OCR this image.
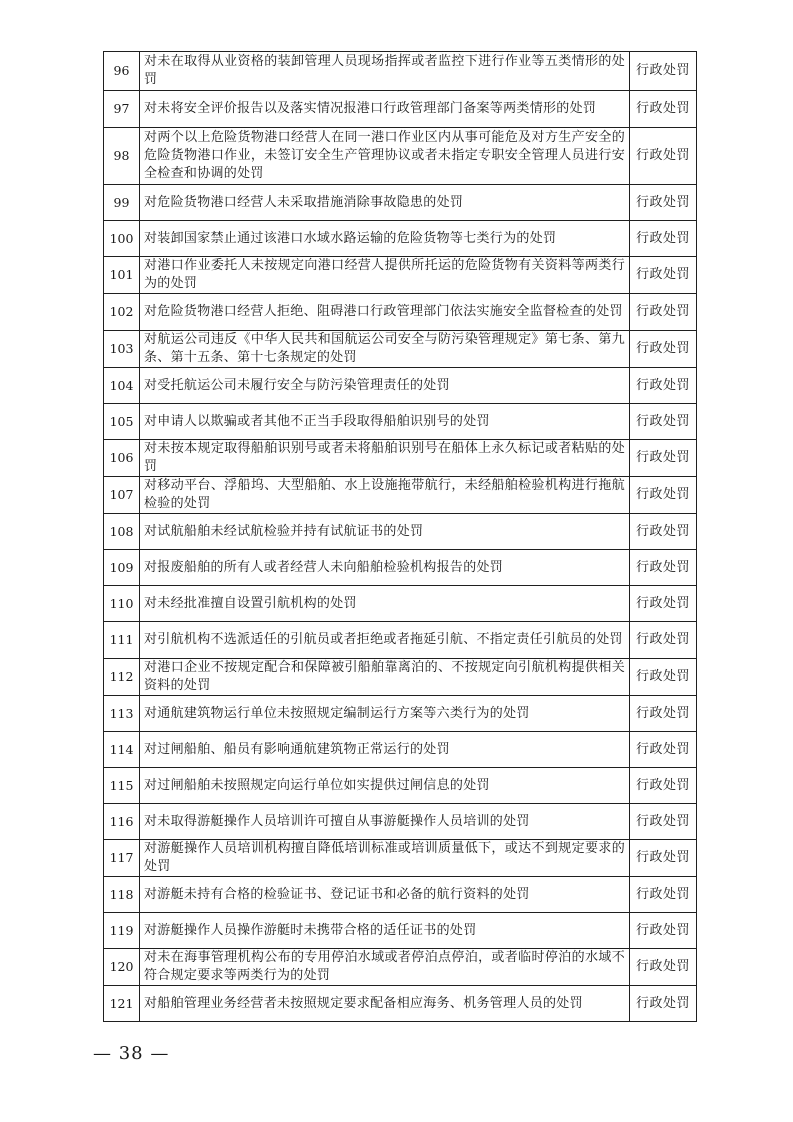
96	对未在取得从业资格的装卸管理人员现场指挥或者监控下进行作业等五类情形的处罚	行政处罚
97	对未将安全评价报告以及落实情况报港口行政管理部门备案等两类情形的处罚	行政处罚
98	对两个以上危险货物港口经营人在同一港口作业区内从事可能危及对方生产安全的危险货物港口作业，未签订安全生产管理协议或者未指定专职安全管理人员进行安全检查和协调的处罚	行政处罚
99	对危险货物港口经营人未采取措施消除事故隐患的处罚	行政处罚
100	对装卸国家禁止通过该港口水域水路运输的危险货物等七类行为的处罚	行政处罚
101	对港口作业委托人未按规定向港口经营人提供所托运的危险货物有关资料等两类行为的处罚	行政处罚
102	对危险货物港口经营人拒绝、阻碍港口行政管理部门依法实施安全监督检查的处罚	行政处罚
103	对航运公司违反《中华人民共和国航运公司安全与防污染管理规定》第七条、第九条、第十五条、第十七条规定的处罚	行政处罚
104	对受托航运公司未履行安全与防污染管理责任的处罚	行政处罚
105	对申请人以欺骗或者其他不正当手段取得船舶识别号的处罚	行政处罚
106	对未按本规定取得船舶识别号或者未将船舶识别号在船体上永久标记或者粘贴的处罚	行政处罚
107	对移动平台、浮船坞、大型船舶、水上设施拖带航行，未经船舶检验机构进行拖航检验的处罚	行政处罚
108	对试航船舶未经试航检验并持有试航证书的处罚	行政处罚
109	对报废船舶的所有人或者经营人未向船舶检验机构报告的处罚	行政处罚
110	对未经批准擅自设置引航机构的处罚	行政处罚
111	对引航机构不选派适任的引航员或者拒绝或者拖延引航、不指定责任引航员的处罚	行政处罚
112	对港口企业不按规定配合和保障被引船舶靠离泊的、不按规定向引航机构提供相关资料的处罚	行政处罚
113	对通航建筑物运行单位未按照规定编制运行方案等六类行为的处罚	行政处罚
114	对过闸船舶、船员有影响通航建筑物正常运行的处罚	行政处罚
115	对过闸船舶未按照规定向运行单位如实提供过闸信息的处罚	行政处罚
116	对未取得游艇操作人员培训许可擅自从事游艇操作人员培训的处罚	行政处罚
117	对游艇操作人员培训机构擅自降低培训标准或培训质量低下，或达不到规定要求的处罚	行政处罚
118	对游艇未持有合格的检验证书、登记证书和必备的航行资料的处罚	行政处罚
119	对游艇操作人员操作游艇时未携带合格的适任证书的处罚	行政处罚
120	对未在海事管理机构公布的专用停泊水域或者停泊点停泊，或者临时停泊的水域不符合规定要求等两类行为的处罚	行政处罚
121	对船舶管理业务经营者未按照规定要求配备相应海务、机务管理人员的处罚	行政处罚
— 38 —
